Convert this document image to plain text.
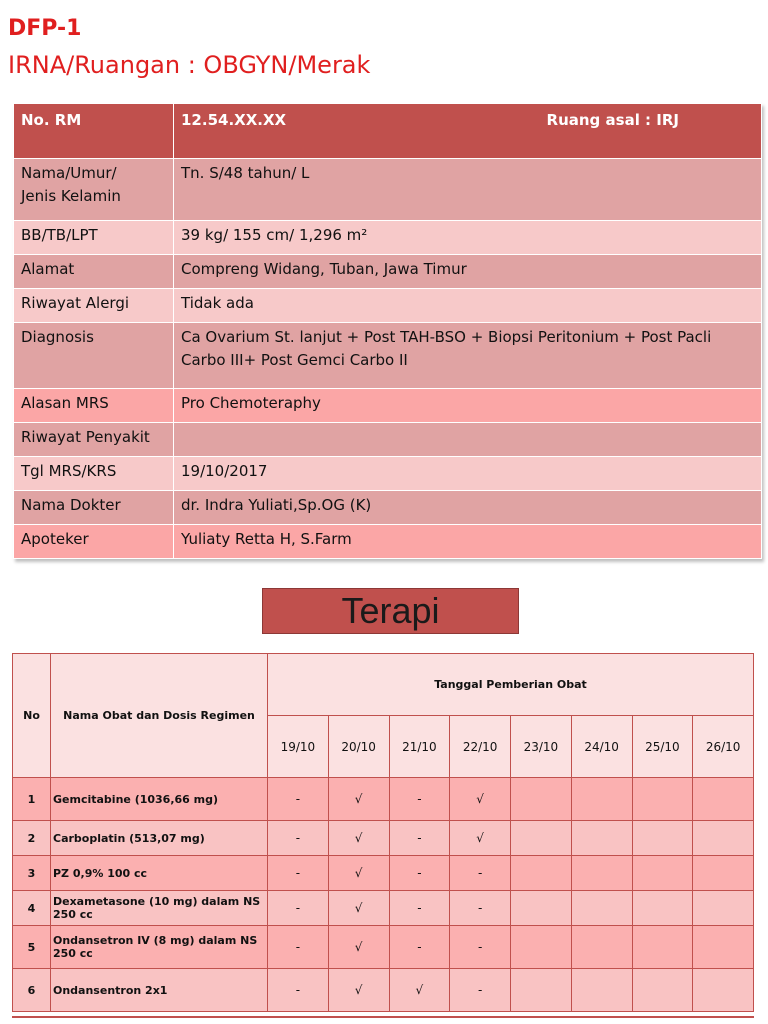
DFP-1
IRNA/Ruangan : OBGYN/Merak
No. RM	12.54.XX.XX Ruang asal : IRJ

Nama/Umur/
Jenis Kelamin	Tn. S/48 tahun/ L
BB/TB/LPT	39 kg/ 155 cm/ 1,296 m²
Alamat	Compreng Widang, Tuban, Jawa Timur
Riwayat Alergi	Tidak ada
Diagnosis	Ca Ovarium St. lanjut + Post TAH-BSO + Biopsi Peritonium + Post Pacli Carbo III+ Post Gemci Carbo II
Alasan MRS	Pro Chemoteraphy
Riwayat Penyakit	
Tgl MRS/KRS	19/10/2017
Nama Dokter	dr. Indra Yuliati,Sp.OG (K)
Apoteker	Yuliaty Retta H, S.Farm
Terapi
No	Nama Obat dan Dosis Regimen	Tanggal Pemberian Obat							
		19/10	20/10	21/10	22/10	23/10	24/10	25/10	26/10
1	Gemcitabine (1036,66 mg)	-	√	-	√				
2	Carboplatin (513,07 mg)	-	√	-	√				
3	PZ 0,9% 100 cc	-	√	-	-				
4	Dexametasone (10 mg) dalam NS 250 cc	-	√	-	-				
5	Ondansetron IV (8 mg) dalam NS 250 cc	-	√	-	-				
6	Ondansentron 2x1	-	√	√	-				
